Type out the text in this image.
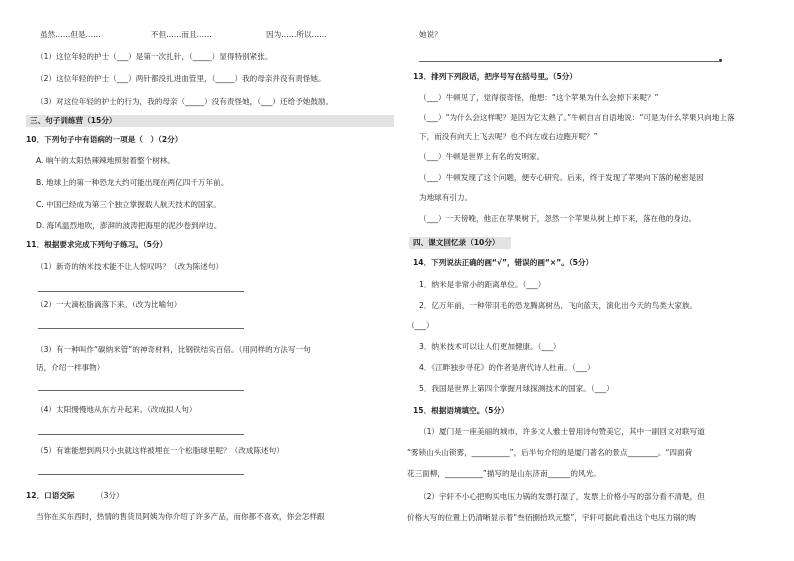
虽然……但是……	不但……而且……	因为……所以……
（1）这位年轻的护士（___）是第一次扎针，（_____）显得特别紧张。
（2）这位年轻的护士（___）两针都没扎进血管里，（_____）我的母亲并没有责怪她。
（3）对这位年轻的护士的行为，我的母亲（_____）没有责怪她，（___）还给予她鼓励。
三、句子训练营（15分）
10．下列句子中有语病的一项是（　）（2分）
A. 晌午的太阳热辣辣地照射着整个树林。
B. 地球上的第一种恐龙大约可能出现在两亿四千万年前。
C. 中国已经成为第三个独立掌握载人航天技术的国家。
D. 海风温烈地吹，澎湃的波涛把海里的泥沙卷到岸边。
11．根据要求完成下列句子练习。（5分）
（1）新奇的纳米技术能不让人惊叹吗？（改为陈述句）
（2）一大滴松脂滴落下来。（改为比喻句）
（3）有一种叫作“碳纳米管”的神奇材料，比钢铁结实百倍。（用同样的方法写一句
话，介绍一样事物）
（4）太阳慢慢地从东方升起来。（改成拟人句）
（5）有谁能想到两只小虫就这样被埋在一个松脂球里呢？（改成陈述句）
12．口语交际	（3分）
当你在买东西时，热情的售货员阿姨为你介绍了许多产品，而你都不喜欢，你会怎样跟
她说？
13．排列下列段话，把序号写在括号里。（5分）
（___）牛顿见了，觉得很奇怪，他想：“这个苹果为什么会掉下来呢？”
（___）“为什么会这样呢？是因为它太熟了。”牛顿自言自语地说：“可是为什么苹果只向地上落
下，而没有向天上飞去呢？也不向左或右边跑开呢？”
（___）牛顿是世界上有名的发明家。
（___）牛顿发现了这个问题，便专心研究。后来，终于发现了苹果向下落的秘密是因
为地球有引力。
（___）一天傍晚，他正在苹果树下，忽然一个苹果从树上掉下来，落在他的身边。
四、课文回忆录（10分）
14．下列说法正确的画“√”，错误的画“×”。（5分）
1．纳米是非常小的距离单位。（___）
2．亿万年前，一种带羽毛的恐龙腾离树丛，飞向蓝天，演化出今天的鸟类大家族。
（___）
3．纳米技术可以让人们更加健康。（___）
4．《江畔独步寻花》的作者是唐代诗人杜甫。（___）
5．我国是世界上第四个掌握月球探测技术的国家。（___）
15．根据语境填空。（5分）
（1）厦门是一座美丽的城市，许多文人雅士曾用诗句赞美它，其中一副回文对联写道
“雾锁山头山锁雾，__________”，后半句介绍的是厦门著名的景点________。“四面荷
花三面柳，__________”描写的是山东济南______的风光。
（2）宇轩不小心把购买电压力锅的发票打湿了，发票上价格小写的部分看不清楚，但
价格大写的位置上仍清晰显示着“叁佰捌拾玖元整”，宇轩可据此看出这个电压力锅的购
